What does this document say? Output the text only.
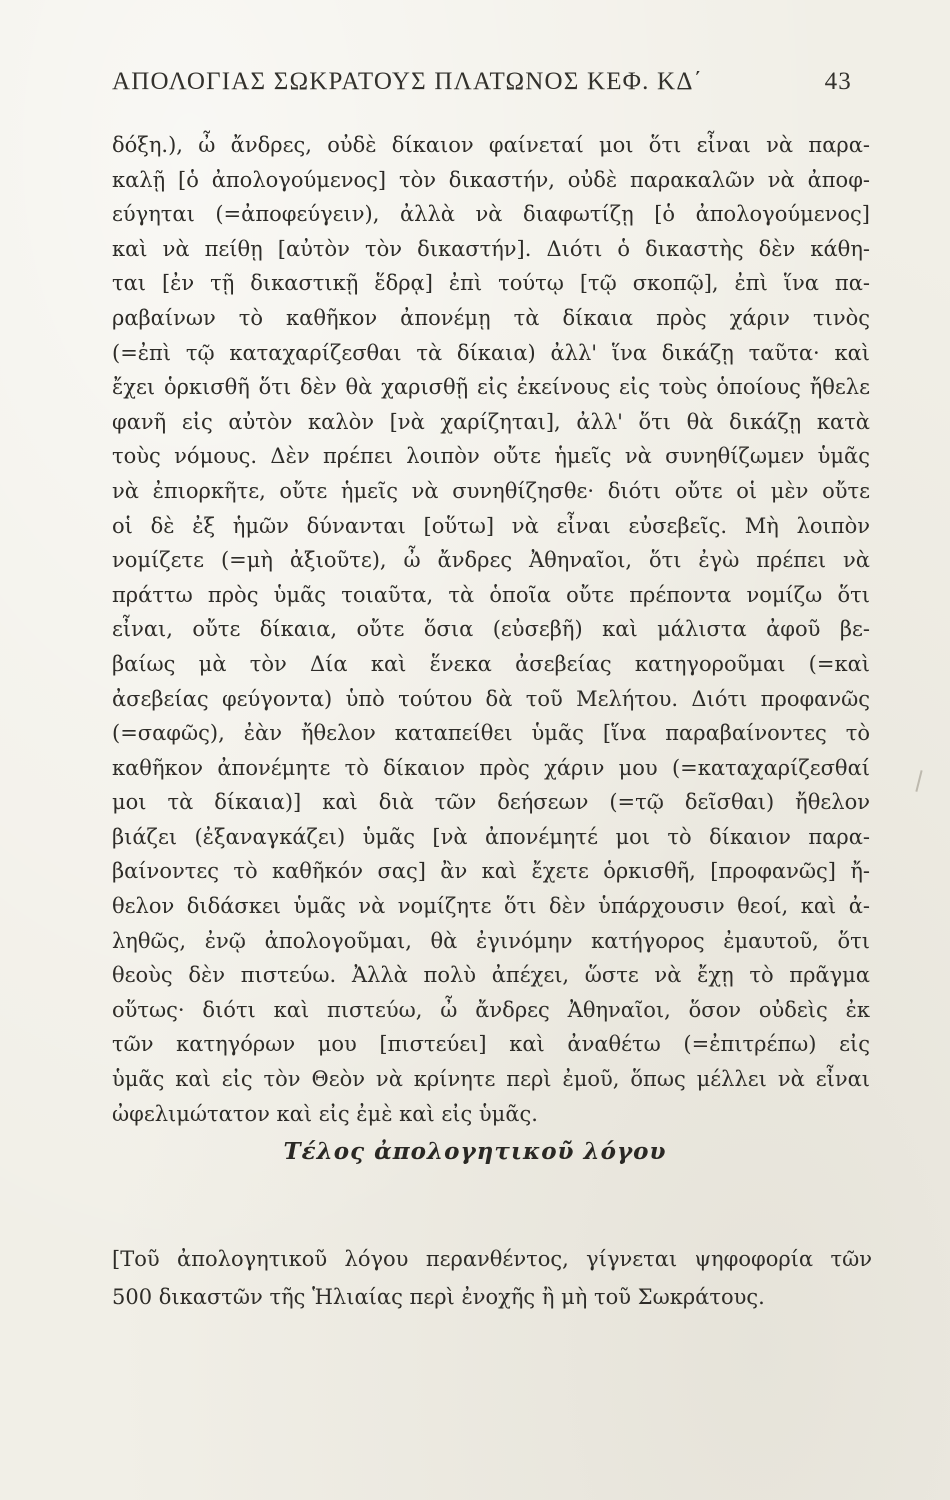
ΑΠΟΛΟΓΙΑΣ ΣΩΚΡΑΤΟΥΣ ΠΛΑΤΩΝΟΣ ΚΕΦ. ΚΔ΄	43
δόξη.), ὦ ἄνδρες, οὐδὲ δίκαιον φαίνεταί μοι ὅτι εἶναι νὰ παρα-
καλῇ [ὁ ἀπολογούμενος] τὸν δικαστήν, οὐδὲ παρακαλῶν νὰ ἀποφ-
εύγηται (=ἀποφεύγειν), ἀλλὰ νὰ διαφωτίζῃ [ὁ ἀπολογούμενος]
καὶ νὰ πείθῃ [αὐτὸν τὸν δικαστήν]. Διότι ὁ δικαστὴς δὲν κάθη-
ται [ἐν τῇ δικαστικῇ ἕδρᾳ] ἐπὶ τούτῳ [τῷ σκοπῷ], ἐπὶ ἵνα πα-
ραβαίνων τὸ καθῆκον ἀπονέμῃ τὰ δίκαια πρὸς χάριν τινὸς
(=ἐπὶ τῷ καταχαρίζεσθαι τὰ δίκαια) ἀλλ' ἵνα δικάζῃ ταῦτα· καὶ
ἔχει ὁρκισθῆ ὅτι δὲν θὰ χαρισθῇ εἰς ἐκείνους εἰς τοὺς ὁποίους ἤθελε
φανῆ εἰς αὐτὸν καλὸν [νὰ χαρίζηται], ἀλλ' ὅτι θὰ δικάζῃ κατὰ
τοὺς νόμους. Δὲν πρέπει λοιπὸν οὔτε ἡμεῖς νὰ συνηθίζωμεν ὑμᾶς
νὰ ἐπιορκῆτε, οὔτε ἡμεῖς νὰ συνηθίζησθε· διότι οὔτε οἱ μὲν οὔτε
οἱ δὲ ἐξ ἡμῶν δύνανται [οὕτω] νὰ εἶναι εὐσεβεῖς. Μὴ λοιπὸν
νομίζετε (=μὴ ἀξιοῦτε), ὦ ἄνδρες Ἀθηναῖοι, ὅτι ἐγὼ πρέπει νὰ
πράττω πρὸς ὑμᾶς τοιαῦτα, τὰ ὁποῖα οὔτε πρέποντα νομίζω ὅτι
εἶναι, οὔτε δίκαια, οὔτε ὅσια (εὐσεβῆ) καὶ μάλιστα ἀφοῦ βε-
βαίως μὰ τὸν Δία καὶ ἕνεκα ἀσεβείας κατηγοροῦμαι (=καὶ
ἀσεβείας φεύγοντα) ὑπὸ τούτου δὰ τοῦ Μελήτου. Διότι προφανῶς
(=σαφῶς), ἐὰν ἤθελον καταπείθει ὑμᾶς [ἵνα παραβαίνοντες τὸ
καθῆκον ἀπονέμητε τὸ δίκαιον πρὸς χάριν μου (=καταχαρίζεσθαί
μοι τὰ δίκαια)] καὶ διὰ τῶν δεήσεων (=τῷ δεῖσθαι) ἤθελον
βιάζει (ἐξαναγκάζει) ὑμᾶς [νὰ ἀπονέμητέ μοι τὸ δίκαιον παρα-
βαίνοντες τὸ καθῆκόν σας] ἂν καὶ ἔχετε ὁρκισθῆ, [προφανῶς] ἤ-
θελον διδάσκει ὑμᾶς νὰ νομίζητε ὅτι δὲν ὑπάρχουσιν θεοί, καὶ ἀ-
ληθῶς, ἐνῷ ἀπολογοῦμαι, θὰ ἐγινόμην κατήγορος ἐμαυτοῦ, ὅτι
θεοὺς δὲν πιστεύω. Ἀλλὰ πολὺ ἀπέχει, ὥστε νὰ ἔχῃ τὸ πρᾶγμα
οὕτως· διότι καὶ πιστεύω, ὦ ἄνδρες Ἀθηναῖοι, ὅσον οὐδεὶς ἐκ
τῶν κατηγόρων μου [πιστεύει] καὶ ἀναθέτω (=ἐπιτρέπω) εἰς
ὑμᾶς καὶ εἰς τὸν Θεὸν νὰ κρίνητε περὶ ἐμοῦ, ὅπως μέλλει νὰ εἶναι
ὠφελιμώτατον καὶ εἰς ἐμὲ καὶ εἰς ὑμᾶς.
Τέλος ἀπολογητικοῦ λόγου
[Τοῦ ἀπολογητικοῦ λόγου περανθέντος, γίγνεται ψηφοφορία τῶν
500 δικαστῶν τῆς Ἡλιαίας περὶ ἐνοχῆς ἢ μὴ τοῦ Σωκράτους.
